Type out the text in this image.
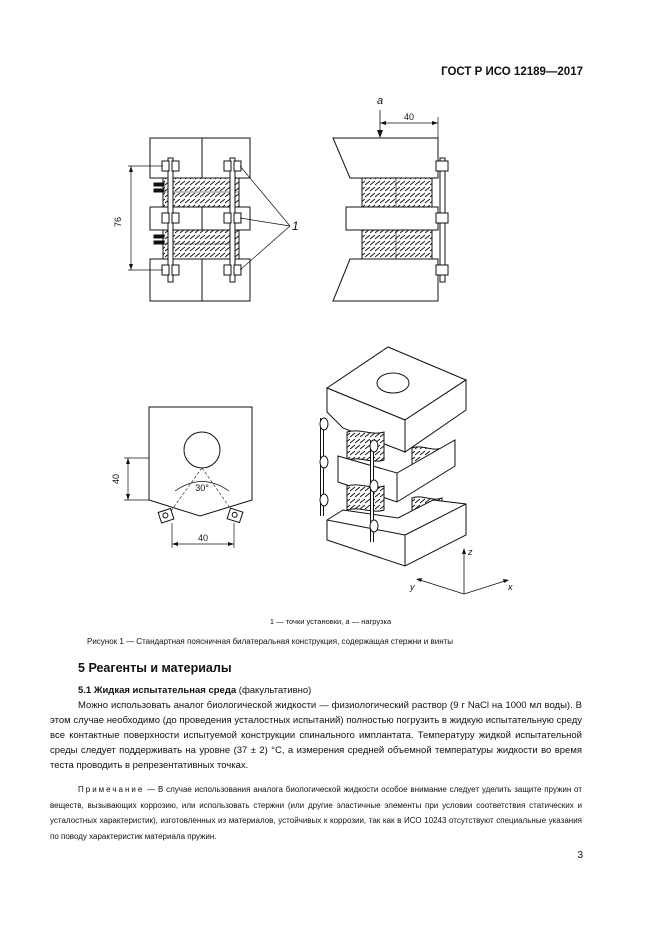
ГОСТ Р ИСО 12189—2017
76
40
a
1
40
30°
40
z
y	x
1 — точки установки, a — нагрузка
Рисунок 1 — Стандартная поясничная билатеральная конструкция, содержащая стержни и винты
5 Реагенты и материалы
5.1 Жидкая испытательная среда (факультативно)
Можно использовать аналог биологической жидкости — физиологический раствор (9 г NaCl на 1000 мл воды). В этом случае необходимо (до проведения усталостных испытаний) полностью погрузить в жидкую испытательную среду все контактные поверхности испытуемой конструкции спинального имплантата. Температуру жидкой испытательной среды следует поддерживать на уровне (37 ± 2) °С, а измерения средней объемной температуры жидкости во время теста проводить в репрезентативных точках.
Примечание — В случае использования аналога биологической жидкости особое внимание следует уделить защите пружин от веществ, вызывающих коррозию, или использовать стержни (или другие эластичные элементы при условии соответствия статических и усталостных характеристик), изготовленных из материалов, устойчивых к коррозии, так как в ИСО 10243 отсутствуют специальные указания по поводу характеристик материала пружин.
3
